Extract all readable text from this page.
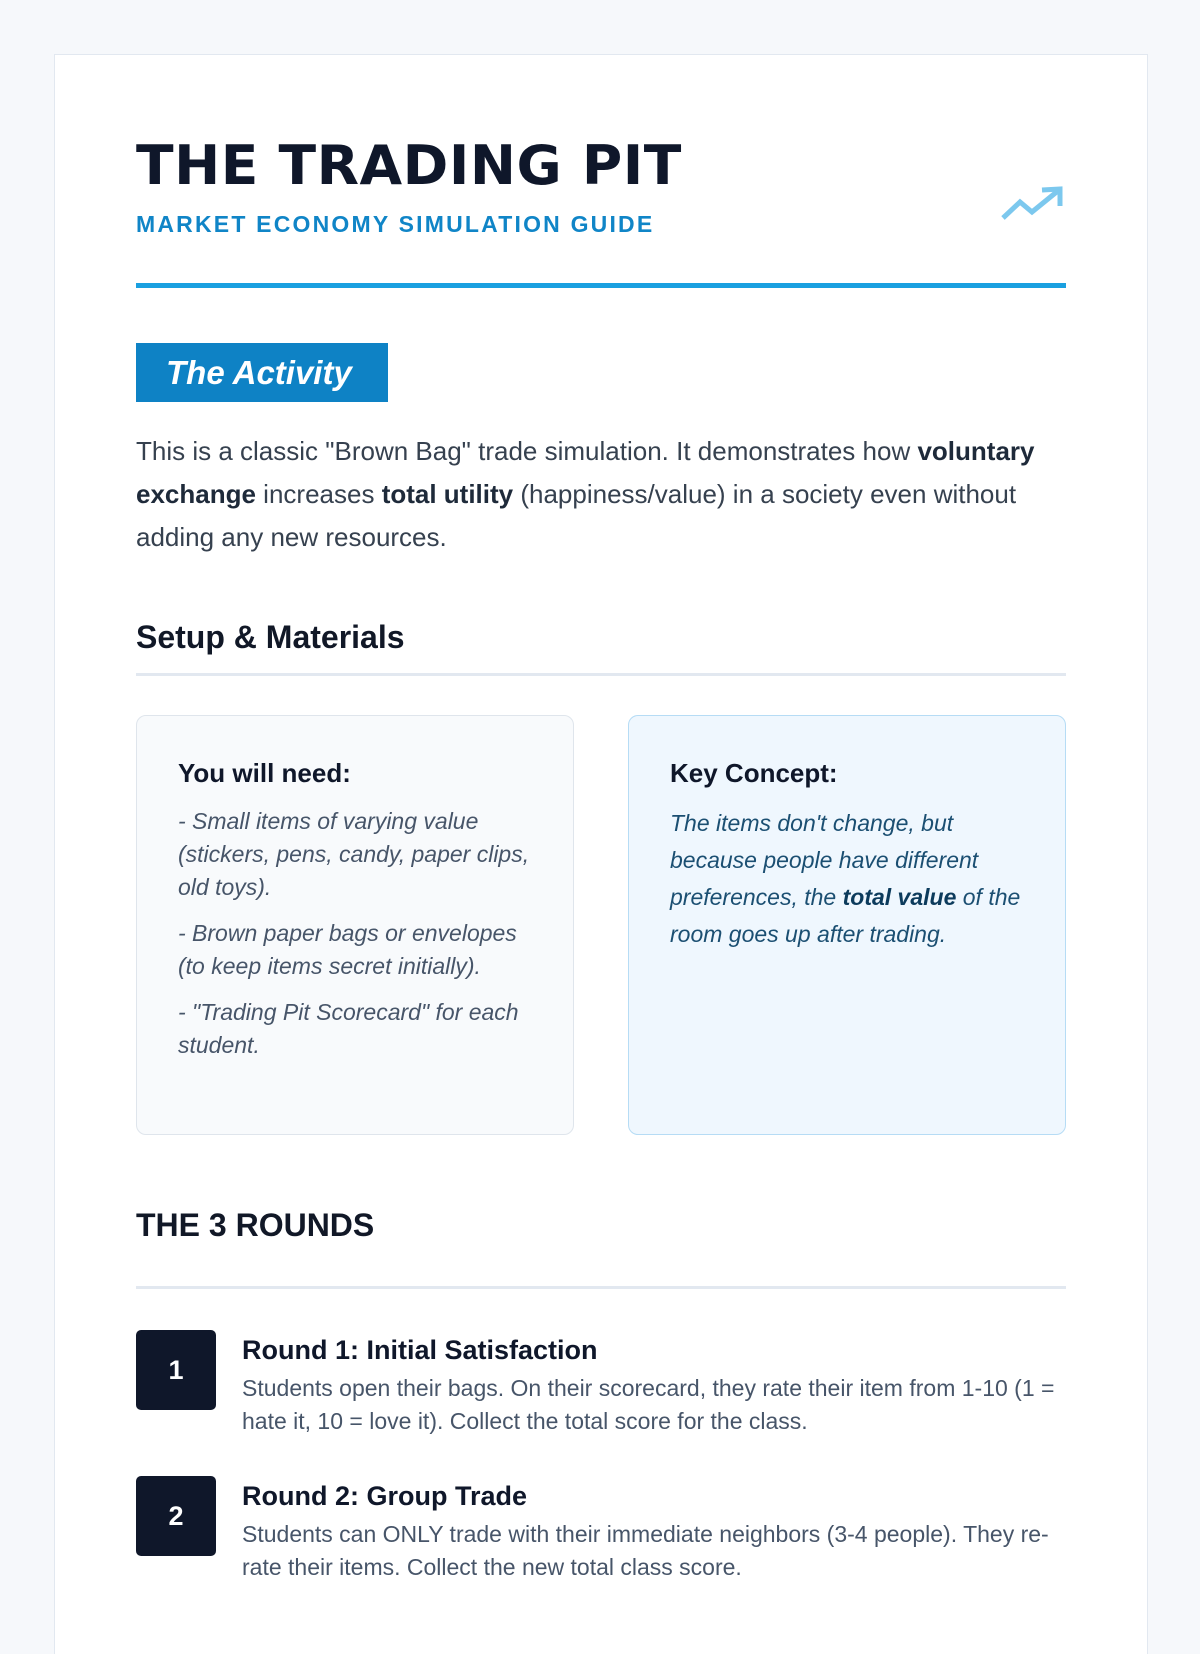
THE TRADING PIT
MARKET ECONOMY SIMULATION GUIDE
The Activity

This is a classic "Brown Bag" trade simulation. It demonstrates how voluntary exchange increases total utility (happiness/value) in a society even without adding any new resources.

Setup & Materials
You will need:
- Small items of varying value (stickers, pens, candy, paper clips, old toys).
- Brown paper bags or envelopes (to keep items secret initially).
- "Trading Pit Scorecard" for each student.
Key Concept:

The items don't change, but because people have different preferences, the total value of the room goes up after trading.

THE 3 ROUNDS
1
Round 1: Initial Satisfaction
Students open their bags. On their scorecard, they rate their item from 1-10 (1 = hate it, 10 = love it). Collect the total score for the class.
2
Round 2: Group Trade
Students can ONLY trade with their immediate neighbors (3-4 people). They re-rate their items. Collect the new total class score.
